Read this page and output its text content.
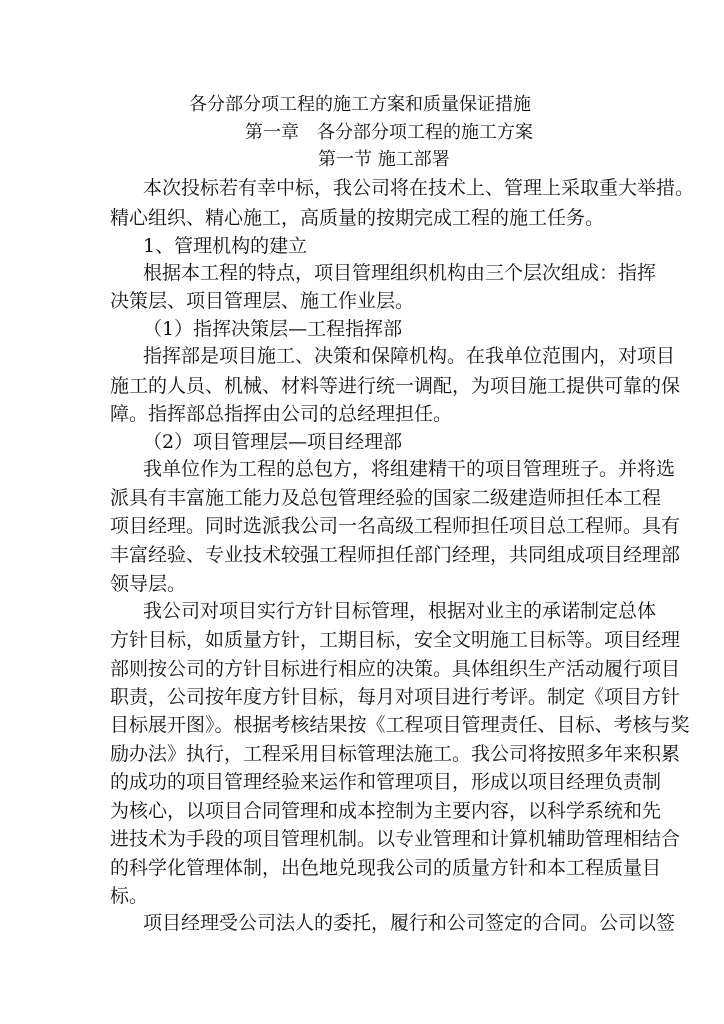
各分部分项工程的施工方案和质量保证措施
第一章　各分部分项工程的施工方案
第一节 施工部署
本次投标若有幸中标，我公司将在技术上、管理上采取重大举措。
精心组织、精心施工，高质量的按期完成工程的施工任务。
1、管理机构的建立
根据本工程的特点，项目管理组织机构由三个层次组成：指挥
决策层、项目管理层、施工作业层。
（1）指挥决策层—工程指挥部
指挥部是项目施工、决策和保障机构。在我单位范围内，对项目
施工的人员、机械、材料等进行统一调配，为项目施工提供可靠的保
障。指挥部总指挥由公司的总经理担任。
（2）项目管理层—项目经理部
我单位作为工程的总包方，将组建精干的项目管理班子。并将选
派具有丰富施工能力及总包管理经验的国家二级建造师担任本工程
项目经理。同时选派我公司一名高级工程师担任项目总工程师。具有
丰富经验、专业技术较强工程师担任部门经理，共同组成项目经理部
领导层。
我公司对项目实行方针目标管理，根据对业主的承诺制定总体
方针目标，如质量方针，工期目标，安全文明施工目标等。项目经理
部则按公司的方针目标进行相应的决策。具体组织生产活动履行项目
职责，公司按年度方针目标，每月对项目进行考评。制定《项目方针
目标展开图》。根据考核结果按《工程项目管理责任、目标、考核与奖
励办法》执行，工程采用目标管理法施工。我公司将按照多年来积累
的成功的项目管理经验来运作和管理项目，形成以项目经理负责制
为核心，以项目合同管理和成本控制为主要内容，以科学系统和先
进技术为手段的项目管理机制。以专业管理和计算机辅助管理相结合
的科学化管理体制，出色地兑现我公司的质量方针和本工程质量目
标。
项目经理受公司法人的委托，履行和公司签定的合同。公司以签
